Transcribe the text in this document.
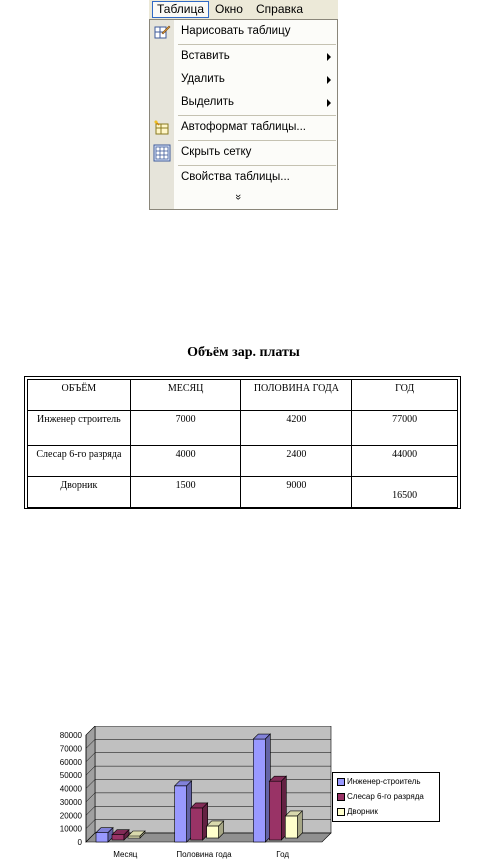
Таблица Окно Справка
Нарисовать таблицу
Вставить
Удалить
Выделить
Автоформат таблицы...
Скрыть сетку
Свойства таблицы...
»
Объём зар. платы
ОБЪЁМ	МЕСЯЦ	ПОЛОВИНА ГОДА	ГОД
Инженер строитель	7000	4200	77000
Слесар 6-го разряда	4000	2400	44000
Дворник	1500	9000	16500
0
10000
20000
30000
40000
50000
60000
70000
80000
Месяц	Половина года	Год
Инженер-строитель
Слесар 6-го разряда
Дворник
